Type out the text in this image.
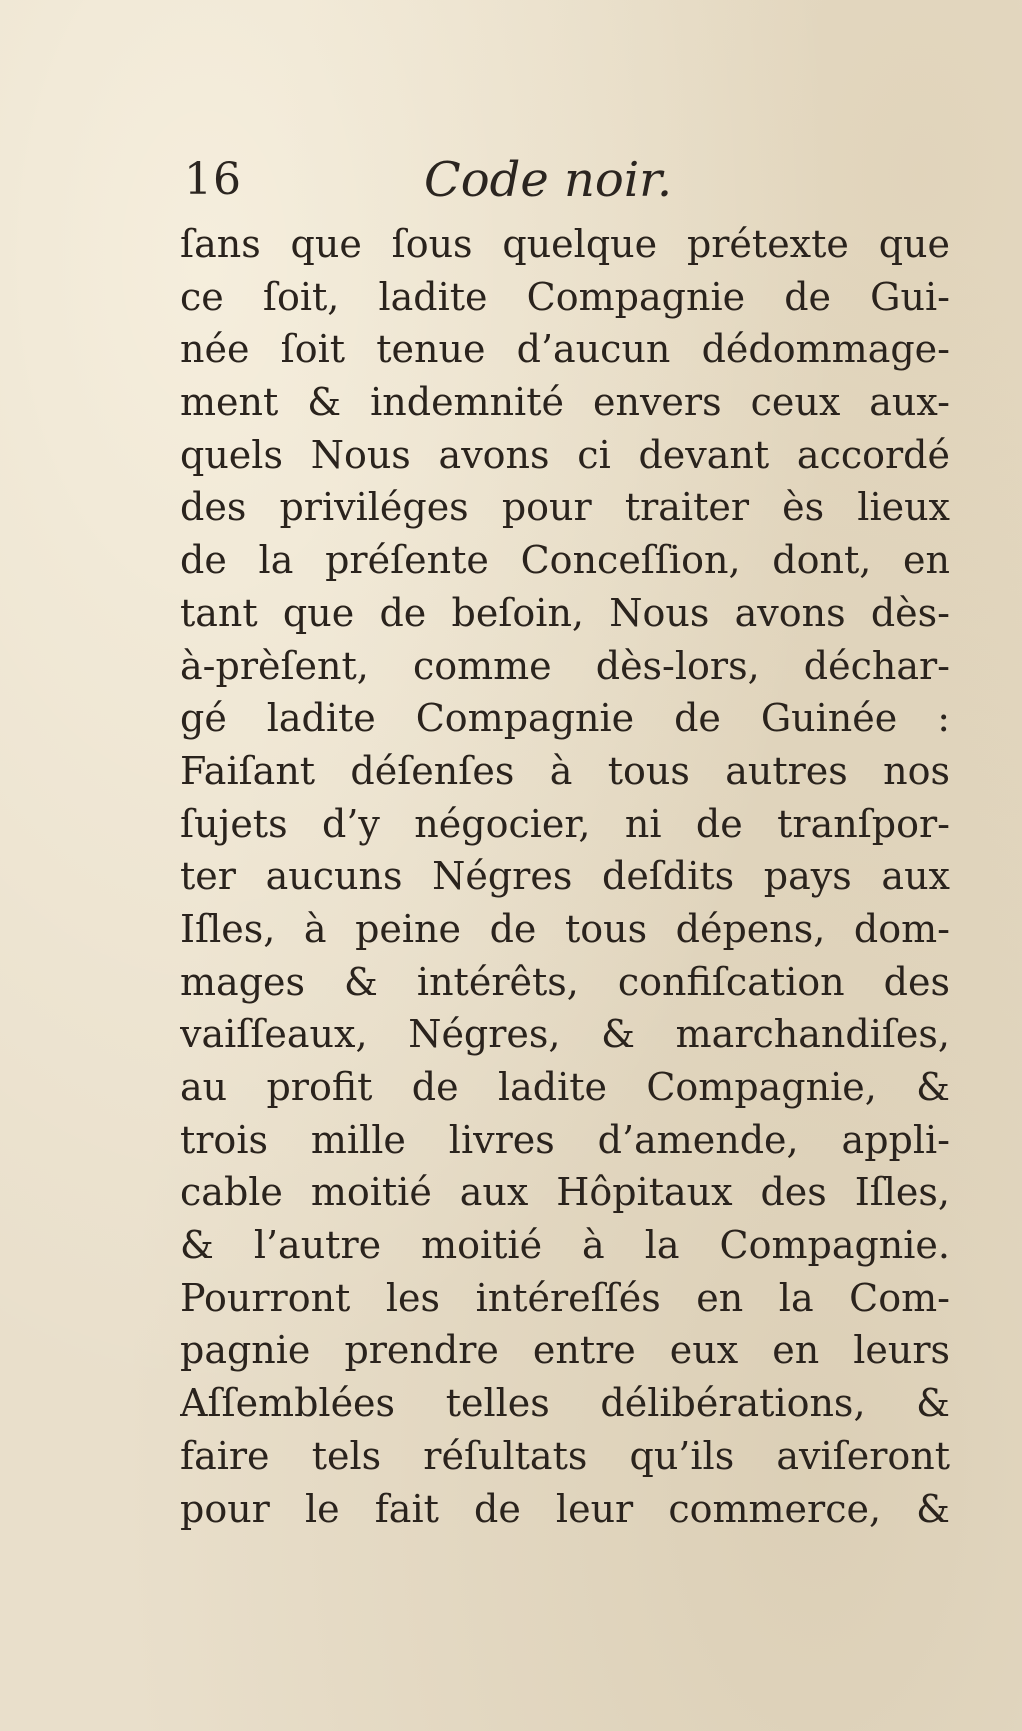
16	Code noir.
ſans que ſous quelque prétexte que
ce ſoit, ladite Compagnie de Gui-
née ſoit tenue d’aucun dédommage-
ment & indemnité envers ceux aux-
quels Nous avons ci devant accordé
des priviléges pour traiter ès lieux
de la préſente Conceſſion, dont, en
tant que de beſoin, Nous avons dès-
à-prèſent, comme dès-lors, déchar-
gé ladite Compagnie de Guinée :
Faiſant déſenſes à tous autres nos
ſujets d’y négocier, ni de tranſpor-
ter aucuns Négres deſdits pays aux
Iſles, à peine de tous dépens, dom-
mages & intérêts, confiſcation des
vaiſſeaux, Négres, & marchandiſes,
au profit de ladite Compagnie, &
trois mille livres d’amende, appli-
cable moitié aux Hôpitaux des Iſles,
& l’autre moitié à la Compagnie.
Pourront les intéreſſés en la Com-
pagnie prendre entre eux en leurs
Aſſemblées telles délibérations, &
faire tels réſultats qu’ils aviſeront
pour le fait de leur commerce, &
